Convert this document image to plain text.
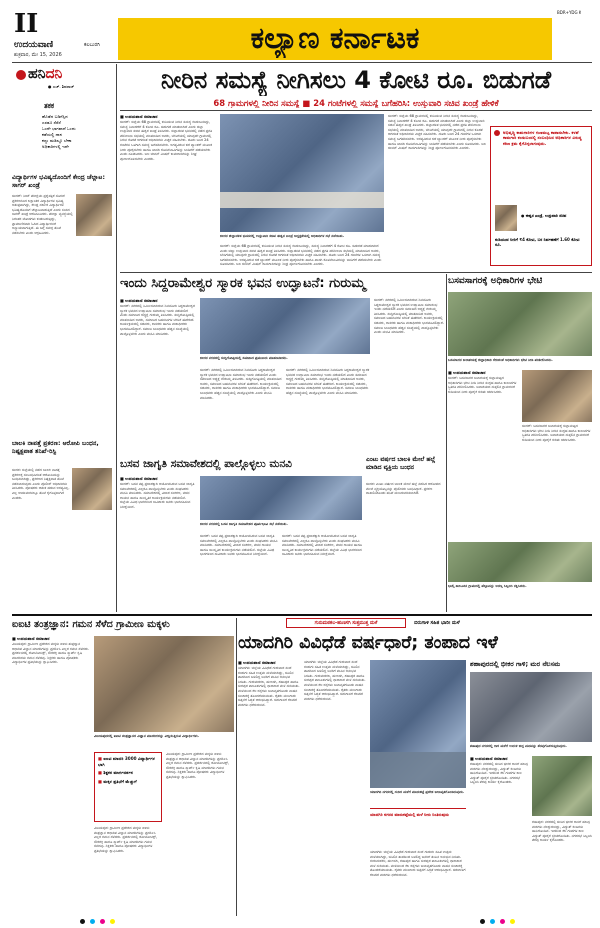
II
ಉದಯವಾಣಿ	ಕಲಬುರಗಿ
ಶುಕ್ರವಾರ, ಮೇ 15, 2026	ಕಲ್ಯಾಣ ಕರ್ನಾಟಕ
BDR+YDG K
ಹನಿದನಿ
● ಎಚ್. ಶಿವರಾಜ್
ತಕಕ
ಹೊಡೆದ ಬಡಿಗೆಸ್ಸಿದ
ಎರಡೂ ಸೆರೆಸೆ
ಒಂದೇ ಭಾಗವಾದೆ ಒಂದು
ಕಡೆಯಲ್ಲಿ ದಾನ
ಕಣ್ಣು ಮಡಿಲ್ಲೂ ಬೇಕಾ
ಅಧಿಕಾರಿಗಳಲ್ಲಿ ಇದೇ
ವಿದ್ಯಾರ್ಥಿಗಳ ಭವಿಷ್ಯದೊಂದಿಗೆ ಕೇಂದ್ರ ಚೆಲ್ಲಾಟ: ಸಾಗರ್ ಖಂಡ್ರೆ
ಬೀದರ್: ನೀಟ್ ಪರೀಕ್ಷೆಯ ಪ್ರಶ್ನೆಪತ್ರಿಕೆ ಸೋರಿಕೆ ಪ್ರಕರಣದಿಂದ ಲಕ್ಷಾಂತರ ವಿದ್ಯಾರ್ಥಿಗಳ ಭವಿಷ್ಯ ಅತಂತ್ರವಾಗಿದ್ದು, ಕೇಂದ್ರ ಸರ್ಕಾರ ವಿದ್ಯಾರ್ಥಿಗಳ ಭವಿಷ್ಯದೊಂದಿಗೆ ಚೆಲ್ಲಾಟವಾಡುತ್ತಿದೆ ಎಂದು ಸಂಸದ ಸಾಗರ್ ಖಂಡ್ರೆ ಆರೋಪಿಸಿದರು. ಪರೀಕ್ಷಾ ವ್ಯವಸ್ಥೆಯಲ್ಲಿ ನಿರಂತರ ಲೋಪಗಳು ಕಂಡುಬರುತ್ತಿದ್ದು, ಪ್ರಾಮಾಣಿಕವಾಗಿ ಓದಿದ ವಿದ್ಯಾರ್ಥಿಗಳಿಗೆ ಅನ್ಯಾಯವಾಗುತ್ತಿದೆ. ಈ ಬಗ್ಗೆ ಸಮಗ್ರ ತನಿಖೆ ನಡೆಸಬೇಕು ಎಂದು ಆಗ್ರಹಿಸಿದರು.
ಬಾಲಕಿ ನಾಪತ್ತೆ ಪ್ರಕರಣ: ಆರೋಪಿ ಬಂಧನ, ನಿಷ್ಪಕ್ಷಪಾತ ತನಿಖೆ-ರಿಸ್ಟಿ
ಬೀದರ: ಜಿಲ್ಲೆಯಲ್ಲಿ ನಡೆದ ಬಾಲಕಿ ನಾಪತ್ತೆ ಪ್ರಕರಣಕ್ಕೆ ಸಂಬಂಧಿಸಿದಂತೆ ಆರೋಪಿಯನ್ನು ಬಂಧಿಸಲಾಗಿದ್ದು, ಪ್ರಕರಣದ ನಿಷ್ಪಕ್ಷಪಾತ ತನಿಖೆ ನಡೆಸಲಾಗುವುದು ಎಂದು ಪೊಲೀಸ್ ಅಧಿಕಾರಿಗಳು ತಿಳಿಸಿದರು. ಪೋಷಕರು ಆತಂಕ ಪಡುವ ಅಗತ್ಯವಿಲ್ಲ. ಎಲ್ಲ ಆಯಾಮಗಳಲ್ಲೂ ತನಿಖೆ ಕೈಗೊಳ್ಳಲಾಗಿದೆ ಎಂದರು.
ನೀರಿನ ಸಮಸ್ಯೆ ನೀಗಿಸಲು 4 ಕೋಟಿ ರೂ. ಬಿಡುಗಡೆ
68 ಗ್ರಾಮಗಳಲ್ಲಿ ನೀರಿನ ಸಮಸ್ಯೆ ■ 24 ಗಂಟೆಗಳಲ್ಲಿ ಸಮಸ್ಯೆ ಬಗೆಹರಿಸಿ: ಉಸ್ತುವಾರಿ ಸಚಿವ ಖಂಡ್ರೆ ಹೇಳಿಕೆ
■ ಉದಯವಾಣಿ ಸಮಾಚಾರ
ಬೀದರ್: ಜಿಲ್ಲೆಯ 68 ಗ್ರಾಮಗಳಲ್ಲಿ ಕುಡಿಯುವ ನೀರಿನ ಸಮಸ್ಯೆ ಕಂಡುಬಂದಿದ್ದು, ಸಮಸ್ಯೆ ನಿವಾರಣೆಗೆ 4 ಕೋಟಿ ರೂ. ಬಿಡುಗಡೆ ಮಾಡಲಾಗಿದೆ ಎಂದು ಜಿಲ್ಲಾ ಉಸ್ತುವಾರಿ ಸಚಿವ ಈಶ್ವರ ಖಂಡ್ರೆ ತಿಳಿಸಿದರು. ಜಿಲ್ಲಾಡಳಿತ ಭವನದಲ್ಲಿ ನಡೆದ ಪ್ರಗತಿ ಪರಿಶೀಲನಾ ಸಭೆಯಲ್ಲಿ ಮಾತನಾಡಿದ ಅವರು, ಬೇಸಿಗೆಯಲ್ಲಿ ಯಾವುದೇ ಗ್ರಾಮದಲ್ಲಿ ನೀರಿನ ಕೊರತೆ ಆಗದಂತೆ ಅಧಿಕಾರಿಗಳು ಎಚ್ಚರ ವಹಿಸಬೇಕು. ದೂರು ಬಂದ 24 ಗಂಟೆಗಳ ಒಳಗಾಗಿ ಸಮಸ್ಯೆ ಬಗೆಹರಿಸಬೇಕು. ಅಗತ್ಯವಿರುವ ಕಡೆ ಟ್ಯಾಂಕರ್ ಮೂಲಕ ನೀರು ಪೂರೈಸಬೇಕು ಹಾಗೂ ಖಾಸಗಿ ಕೊಳವೆಬಾವಿಗಳನ್ನು ಬಾಡಿಗೆಗೆ ಪಡೆಯಬೇಕು ಎಂದು ಸೂಚಿಸಿದರು. ಜಲ ಜೀವನ್ ಮಿಷನ್ ಕಾಮಗಾರಿಗಳನ್ನು ಶೀಘ್ರ ಪೂರ್ಣಗೊಳಿಸಬೇಕು ಎಂದರು.
ಬೀದರ ಜಿಲ್ಲಾಡಳಿತ ಭವನದಲ್ಲಿ ಉಸ್ತುವಾರಿ ಸಚಿವ ಈಶ್ವರ ಖಂಡ್ರೆ ಅಧ್ಯಕ್ಷತೆಯಲ್ಲಿ ಅಧಿಕಾರಿಗಳ ಸಭೆ ನಡೆಯಿತು.
ಬೀದರ್: ಜಿಲ್ಲೆಯ 68 ಗ್ರಾಮಗಳಲ್ಲಿ ಕುಡಿಯುವ ನೀರಿನ ಸಮಸ್ಯೆ ಕಂಡುಬಂದಿದ್ದು, ಸಮಸ್ಯೆ ನಿವಾರಣೆಗೆ 4 ಕೋಟಿ ರೂ. ಬಿಡುಗಡೆ ಮಾಡಲಾಗಿದೆ ಎಂದು ಜಿಲ್ಲಾ ಉಸ್ತುವಾರಿ ಸಚಿವ ಈಶ್ವರ ಖಂಡ್ರೆ ತಿಳಿಸಿದರು. ಜಿಲ್ಲಾಡಳಿತ ಭವನದಲ್ಲಿ ನಡೆದ ಪ್ರಗತಿ ಪರಿಶೀಲನಾ ಸಭೆಯಲ್ಲಿ ಮಾತನಾಡಿದ ಅವರು, ಬೇಸಿಗೆಯಲ್ಲಿ ಯಾವುದೇ ಗ್ರಾಮದಲ್ಲಿ ನೀರಿನ ಕೊರತೆ ಆಗದಂತೆ ಅಧಿಕಾರಿಗಳು ಎಚ್ಚರ ವಹಿಸಬೇಕು. ದೂರು ಬಂದ 24 ಗಂಟೆಗಳ ಒಳಗಾಗಿ ಸಮಸ್ಯೆ ಬಗೆಹರಿಸಬೇಕು. ಅಗತ್ಯವಿರುವ ಕಡೆ ಟ್ಯಾಂಕರ್ ಮೂಲಕ ನೀರು ಪೂರೈಸಬೇಕು ಹಾಗೂ ಖಾಸಗಿ ಕೊಳವೆಬಾವಿಗಳನ್ನು ಬಾಡಿಗೆಗೆ ಪಡೆಯಬೇಕು ಎಂದು ಸೂಚಿಸಿದರು. ಜಲ ಜೀವನ್ ಮಿಷನ್ ಕಾಮಗಾರಿಗಳನ್ನು ಶೀಘ್ರ ಪೂರ್ಣಗೊಳಿಸಬೇಕು ಎಂದರು.
ಬೀದರ್: ಜಿಲ್ಲೆಯ 68 ಗ್ರಾಮಗಳಲ್ಲಿ ಕುಡಿಯುವ ನೀರಿನ ಸಮಸ್ಯೆ ಕಂಡುಬಂದಿದ್ದು, ಸಮಸ್ಯೆ ನಿವಾರಣೆಗೆ 4 ಕೋಟಿ ರೂ. ಬಿಡುಗಡೆ ಮಾಡಲಾಗಿದೆ ಎಂದು ಜಿಲ್ಲಾ ಉಸ್ತುವಾರಿ ಸಚಿವ ಈಶ್ವರ ಖಂಡ್ರೆ ತಿಳಿಸಿದರು. ಜಿಲ್ಲಾಡಳಿತ ಭವನದಲ್ಲಿ ನಡೆದ ಪ್ರಗತಿ ಪರಿಶೀಲನಾ ಸಭೆಯಲ್ಲಿ ಮಾತನಾಡಿದ ಅವರು, ಬೇಸಿಗೆಯಲ್ಲಿ ಯಾವುದೇ ಗ್ರಾಮದಲ್ಲಿ ನೀರಿನ ಕೊರತೆ ಆಗದಂತೆ ಅಧಿಕಾರಿಗಳು ಎಚ್ಚರ ವಹಿಸಬೇಕು. ದೂರು ಬಂದ 24 ಗಂಟೆಗಳ ಒಳಗಾಗಿ ಸಮಸ್ಯೆ ಬಗೆಹರಿಸಬೇಕು. ಅಗತ್ಯವಿರುವ ಕಡೆ ಟ್ಯಾಂಕರ್ ಮೂಲಕ ನೀರು ಪೂರೈಸಬೇಕು ಹಾಗೂ ಖಾಸಗಿ ಕೊಳವೆಬಾವಿಗಳನ್ನು ಬಾಡಿಗೆಗೆ ಪಡೆಯಬೇಕು ಎಂದು ಸೂಚಿಸಿದರು. ಜಲ ಜೀವನ್ ಮಿಷನ್ ಕಾಮಗಾರಿಗಳನ್ನು ಶೀಘ್ರ ಪೂರ್ಣಗೊಳಿಸಬೇಕು ಎಂದರು.
ಅಭಿವೃದ್ಧಿ ಕಾಮಗಾರಿಗಳ ಗುಣಮಟ್ಟ ಕಾಪಾಡಬೇಕು. ಕಳಪೆ ಕಾಮಗಾರಿ ಕಂಡುಬಂದಲ್ಲಿ ಸಂಬಂಧಿಸಿದ ಅಧಿಕಾರಿಗಳ ವಿರುದ್ಧ ಕಠಿಣ ಕ್ರಮ ಕೈಗೊಳ್ಳಲಾಗುವುದು.
● ಈಶ್ವರ ಖಂಡ್ರೆ, ಉಸ್ತುವಾರಿ ಸಚಿವ
ಕುಡಿಯುವ ನೀರಿಗೆ ₹4 ಕೋಟಿ, ಬರ ನಿರ್ವಹಣೆಗೆ 1.60 ಕೋಟಿ ರೂ.
ಇಂದು ಸಿದ್ದರಾಮೇಶ್ವರ ಸ್ಮಾರಕ ಭವನ ಉದ್ಘಾಟನೆ: ಗುರುಮ್ಮ
■ ಉದಯವಾಣಿ ಸಮಾಚಾರ
ಬೀದರ್: ನಗರದಲ್ಲಿ ನಿರ್ಮಿಸಲಾಗಿರುವ ಶಿವಯೋಗಿ ಸಿದ್ದರಾಮೇಶ್ವರ ಸ್ಮಾರಕ ಭವನದ ಉದ್ಘಾಟನಾ ಸಮಾರಂಭ ಇಂದು ನಡೆಯಲಿದೆ ಎಂದು ಸಮಾಜದ ಅಧ್ಯಕ್ಷೆ ಗುರುಮ್ಮ ತಿಳಿಸಿದರು. ಸುದ್ದಿಗೋಷ್ಠಿಯಲ್ಲಿ ಮಾತನಾಡಿದ ಅವರು, ಸಮಾಜದ ಬಹುದಿನಗಳ ಬೇಡಿಕೆ ಈಡೇರಿದೆ. ಕಾರ್ಯಕ್ರಮದಲ್ಲಿ ಸಚಿವರು, ಶಾಸಕರು ಹಾಗೂ ಮಠಾಧೀಶರು ಭಾಗವಹಿಸಲಿದ್ದಾರೆ. ಸಮಾಜ ಬಾಂಧವರು ಹೆಚ್ಚಿನ ಸಂಖ್ಯೆಯಲ್ಲಿ ಪಾಲ್ಗೊಳ್ಳಬೇಕು ಎಂದು ಮನವಿ ಮಾಡಿದರು.
ಬೀದರ ನಗರದಲ್ಲಿ ಸುದ್ದಿಗೋಷ್ಠಿಯಲ್ಲಿ ಸಮಾಜದ ಪ್ರಮುಖರು ಮಾತನಾಡಿದರು.
ಬೀದರ್: ನಗರದಲ್ಲಿ ನಿರ್ಮಿಸಲಾಗಿರುವ ಶಿವಯೋಗಿ ಸಿದ್ದರಾಮೇಶ್ವರ ಸ್ಮಾರಕ ಭವನದ ಉದ್ಘಾಟನಾ ಸಮಾರಂಭ ಇಂದು ನಡೆಯಲಿದೆ ಎಂದು ಸಮಾಜದ ಅಧ್ಯಕ್ಷೆ ಗುರುಮ್ಮ ತಿಳಿಸಿದರು. ಸುದ್ದಿಗೋಷ್ಠಿಯಲ್ಲಿ ಮಾತನಾಡಿದ ಅವರು, ಸಮಾಜದ ಬಹುದಿನಗಳ ಬೇಡಿಕೆ ಈಡೇರಿದೆ. ಕಾರ್ಯಕ್ರಮದಲ್ಲಿ ಸಚಿವರು, ಶಾಸಕರು ಹಾಗೂ ಮಠಾಧೀಶರು ಭಾಗವಹಿಸಲಿದ್ದಾರೆ. ಸಮಾಜ ಬಾಂಧವರು ಹೆಚ್ಚಿನ ಸಂಖ್ಯೆಯಲ್ಲಿ ಪಾಲ್ಗೊಳ್ಳಬೇಕು ಎಂದು ಮನವಿ ಮಾಡಿದರು.
ಬೀದರ್: ನಗರದಲ್ಲಿ ನಿರ್ಮಿಸಲಾಗಿರುವ ಶಿವಯೋಗಿ ಸಿದ್ದರಾಮೇಶ್ವರ ಸ್ಮಾರಕ ಭವನದ ಉದ್ಘಾಟನಾ ಸಮಾರಂಭ ಇಂದು ನಡೆಯಲಿದೆ ಎಂದು ಸಮಾಜದ ಅಧ್ಯಕ್ಷೆ ಗುರುಮ್ಮ ತಿಳಿಸಿದರು. ಸುದ್ದಿಗೋಷ್ಠಿಯಲ್ಲಿ ಮಾತನಾಡಿದ ಅವರು, ಸಮಾಜದ ಬಹುದಿನಗಳ ಬೇಡಿಕೆ ಈಡೇರಿದೆ. ಕಾರ್ಯಕ್ರಮದಲ್ಲಿ ಸಚಿವರು, ಶಾಸಕರು ಹಾಗೂ ಮಠಾಧೀಶರು ಭಾಗವಹಿಸಲಿದ್ದಾರೆ. ಸಮಾಜ ಬಾಂಧವರು ಹೆಚ್ಚಿನ ಸಂಖ್ಯೆಯಲ್ಲಿ ಪಾಲ್ಗೊಳ್ಳಬೇಕು ಎಂದು ಮನವಿ ಮಾಡಿದರು.
ಬೀದರ್: ನಗರದಲ್ಲಿ ನಿರ್ಮಿಸಲಾಗಿರುವ ಶಿವಯೋಗಿ ಸಿದ್ದರಾಮೇಶ್ವರ ಸ್ಮಾರಕ ಭವನದ ಉದ್ಘಾಟನಾ ಸಮಾರಂಭ ಇಂದು ನಡೆಯಲಿದೆ ಎಂದು ಸಮಾಜದ ಅಧ್ಯಕ್ಷೆ ಗುರುಮ್ಮ ತಿಳಿಸಿದರು. ಸುದ್ದಿಗೋಷ್ಠಿಯಲ್ಲಿ ಮಾತನಾಡಿದ ಅವರು, ಸಮಾಜದ ಬಹುದಿನಗಳ ಬೇಡಿಕೆ ಈಡೇರಿದೆ. ಕಾರ್ಯಕ್ರಮದಲ್ಲಿ ಸಚಿವರು, ಶಾಸಕರು ಹಾಗೂ ಮಠಾಧೀಶರು ಭಾಗವಹಿಸಲಿದ್ದಾರೆ. ಸಮಾಜ ಬಾಂಧವರು ಹೆಚ್ಚಿನ ಸಂಖ್ಯೆಯಲ್ಲಿ ಪಾಲ್ಗೊಳ್ಳಬೇಕು ಎಂದು ಮನವಿ ಮಾಡಿದರು.
ಬಸವಸಾಗರಕ್ಕೆ ಅಧಿಕಾರಿಗಳ ಭೇಟಿ
ಬಸವಸಾಗರ ಜಲಾಶಯಕ್ಕೆ ಜಿಲ್ಲಾಧಿಕಾರಿ ಸೇರಿದಂತೆ ಅಧಿಕಾರಿಗಳು ಭೇಟಿ ನೀಡಿ ಪರಿಶೀಲಿಸಿದರು.
■ ಉದಯವಾಣಿ ಸಮಾಚಾರ
ಬೀದರ್: ಬಸವಸಾಗರ ಜಲಾಶಯಕ್ಕೆ ಜಿಲ್ಲಾಮಟ್ಟದ ಅಧಿಕಾರಿಗಳು ಭೇಟಿ ನೀಡಿ ನೀರಿನ ಸಂಗ್ರಹ ಹಾಗೂ ಕಾಲುವೆಗಳ ಸ್ಥಿತಿಗತಿ ಪರಿಶೀಲಿಸಿದರು. ಜಲಾಶಯದ ಸುತ್ತಲಿನ ಗ್ರಾಮಗಳಿಗೆ ಕುಡಿಯುವ ನೀರು ಪೂರೈಕೆ ಕುರಿತು ಚರ್ಚಿಸಿದರು.
ಬೀದರ್: ಬಸವಸಾಗರ ಜಲಾಶಯಕ್ಕೆ ಜಿಲ್ಲಾಮಟ್ಟದ ಅಧಿಕಾರಿಗಳು ಭೇಟಿ ನೀಡಿ ನೀರಿನ ಸಂಗ್ರಹ ಹಾಗೂ ಕಾಲುವೆಗಳ ಸ್ಥಿತಿಗತಿ ಪರಿಶೀಲಿಸಿದರು. ಜಲಾಶಯದ ಸುತ್ತಲಿನ ಗ್ರಾಮಗಳಿಗೆ ಕುಡಿಯುವ ನೀರು ಪೂರೈಕೆ ಕುರಿತು ಚರ್ಚಿಸಿದರು.
ಭಾಲ್ಕಿ ತಾಲೂಕಿನ ಗ್ರಾಮದಲ್ಲಿ ಹೆಬ್ಬಾವನ್ನು ಅರಣ್ಯ ಸಿಬ್ಬಂದಿ ರಕ್ಷಿಸಿದರು.
ಬಸವ ಜಾಗೃತಿ ಸಮಾವೇಶದಲ್ಲಿ ಪಾಲ್ಗೊಳ್ಳಲು ಮನವಿ
■ ಉದಯವಾಣಿ ಸಮಾಚಾರ
ಬೀದರ್: ಬಸವ ತತ್ವ ಪ್ರಚಾರಕ್ಕಾಗಿ ಆಯೋಜಿಸಿರುವ ಬಸವ ಜಾಗೃತಿ ಸಮಾವೇಶದಲ್ಲಿ ಎಲ್ಲರೂ ಪಾಲ್ಗೊಳ್ಳಬೇಕು ಎಂದು ಸಂಘಟಕರು ಮನವಿ ಮಾಡಿದರು. ಸಮಾವೇಶದಲ್ಲಿ ವಿಚಾರ ಸಂಕಿರಣ, ವಚನ ಗಾಯನ ಹಾಗೂ ಸಾಂಸ್ಕೃತಿಕ ಕಾರ್ಯಕ್ರಮಗಳು ನಡೆಯಲಿವೆ. ಜಿಲ್ಲೆಯ ವಿವಿಧ ಭಾಗಗಳಿಂದ ಸಾವಿರಾರು ಜನರು ಭಾಗವಹಿಸುವ ನಿರೀಕ್ಷೆಯಿದೆ.
ಬೀದರ ನಗರದಲ್ಲಿ ಬಸವ ಜಾಗೃತಿ ಸಮಾವೇಶದ ಪೂರ್ವಭಾವಿ ಸಭೆ ನಡೆಯಿತು.
ಬೀದರ್: ಬಸವ ತತ್ವ ಪ್ರಚಾರಕ್ಕಾಗಿ ಆಯೋಜಿಸಿರುವ ಬಸವ ಜಾಗೃತಿ ಸಮಾವೇಶದಲ್ಲಿ ಎಲ್ಲರೂ ಪಾಲ್ಗೊಳ್ಳಬೇಕು ಎಂದು ಸಂಘಟಕರು ಮನವಿ ಮಾಡಿದರು. ಸಮಾವೇಶದಲ್ಲಿ ವಿಚಾರ ಸಂಕಿರಣ, ವಚನ ಗಾಯನ ಹಾಗೂ ಸಾಂಸ್ಕೃತಿಕ ಕಾರ್ಯಕ್ರಮಗಳು ನಡೆಯಲಿವೆ. ಜಿಲ್ಲೆಯ ವಿವಿಧ ಭಾಗಗಳಿಂದ ಸಾವಿರಾರು ಜನರು ಭಾಗವಹಿಸುವ ನಿರೀಕ್ಷೆಯಿದೆ.
ಬೀದರ್: ಬಸವ ತತ್ವ ಪ್ರಚಾರಕ್ಕಾಗಿ ಆಯೋಜಿಸಿರುವ ಬಸವ ಜಾಗೃತಿ ಸಮಾವೇಶದಲ್ಲಿ ಎಲ್ಲರೂ ಪಾಲ್ಗೊಳ್ಳಬೇಕು ಎಂದು ಸಂಘಟಕರು ಮನವಿ ಮಾಡಿದರು. ಸಮಾವೇಶದಲ್ಲಿ ವಿಚಾರ ಸಂಕಿರಣ, ವಚನ ಗಾಯನ ಹಾಗೂ ಸಾಂಸ್ಕೃತಿಕ ಕಾರ್ಯಕ್ರಮಗಳು ನಡೆಯಲಿವೆ. ಜಿಲ್ಲೆಯ ವಿವಿಧ ಭಾಗಗಳಿಂದ ಸಾವಿರಾರು ಜನರು ಭಾಗವಹಿಸುವ ನಿರೀಕ್ಷೆಯಿದೆ.
ಎಂಟು ವರ್ಷದ ಬಾಲಕಿ ಮೇಲೆ ಹಲ್ಲೆ ಮಾಡಿದ ವ್ಯಕ್ತಿಯ ಬಂಧನ
ಬೀದರ: ಎಂಟು ವರ್ಷದ ಬಾಲಕಿ ಮೇಲೆ ಹಲ್ಲೆ ನಡೆಸಿದ ಆರೋಪದ ಮೇಲೆ ವ್ಯಕ್ತಿಯೊಬ್ಬನನ್ನು ಪೊಲೀಸರು ಬಂಧಿಸಿದ್ದಾರೆ. ಪ್ರಕರಣ ದಾಖಲಿಸಿಕೊಂಡು ತನಿಖೆ ಮುಂದುವರಿಸಲಾಗಿದೆ.
ಐಐಟಿ ತಂತ್ರಜ್ಞಾನ: ಗಮನ ಸೆಳೆದ ಗ್ರಾಮೀಣ ಮಕ್ಕಳು
■ ಉದಯವಾಣಿ ಸಮಾಚಾರ
ವಿಜಯಪುರ: ಗ್ರಾಮೀಣ ಪ್ರದೇಶದ ಮಕ್ಕಳು ಐಐಟಿ ತಂತ್ರಜ್ಞಾನ ಆಧಾರಿತ ವಿಜ್ಞಾನ ಮಾದರಿಗಳನ್ನು ಪ್ರದರ್ಶಿಸಿ ಎಲ್ಲರ ಗಮನ ಸೆಳೆದರು. ಪ್ರದರ್ಶನದಲ್ಲಿ ರೋಬೋಟಿಕ್ಸ್, ಸೌರಶಕ್ತಿ ಹಾಗೂ ಸ್ಮಾರ್ಟ್ ಕೃಷಿ ಮಾದರಿಗಳು ಗಮನ ಸೆಳೆದವು. ಶಿಕ್ಷಕರು ಹಾಗೂ ಪೋಷಕರು ವಿದ್ಯಾರ್ಥಿಗಳ ಪ್ರತಿಭೆಯನ್ನು ಶ್ಲಾಘಿಸಿದರು.
ವಿಜಯಪುರದಲ್ಲಿ ಐಐಟಿ ತಂತ್ರಜ್ಞಾನದ ವಿಜ್ಞಾನ ಮಾದರಿಗಳನ್ನು ವೀಕ್ಷಿಸುತ್ತಿರುವ ವಿದ್ಯಾರ್ಥಿಗಳು.
■ ಐಐಟಿ ಮಾದರಿ 3000 ವಿದ್ಯಾರ್ಥಿಗಳ ಭಾಗಿ
■ ಶಿಕ್ಷಕರ ಮಾರ್ಗದರ್ಶನ
■ ಮಕ್ಕಳ ಪ್ರತಿಭೆಗೆ ಮೆಚ್ಚುಗೆ
ವಿಜಯಪುರ: ಗ್ರಾಮೀಣ ಪ್ರದೇಶದ ಮಕ್ಕಳು ಐಐಟಿ ತಂತ್ರಜ್ಞಾನ ಆಧಾರಿತ ವಿಜ್ಞಾನ ಮಾದರಿಗಳನ್ನು ಪ್ರದರ್ಶಿಸಿ ಎಲ್ಲರ ಗಮನ ಸೆಳೆದರು. ಪ್ರದರ್ಶನದಲ್ಲಿ ರೋಬೋಟಿಕ್ಸ್, ಸೌರಶಕ್ತಿ ಹಾಗೂ ಸ್ಮಾರ್ಟ್ ಕೃಷಿ ಮಾದರಿಗಳು ಗಮನ ಸೆಳೆದವು. ಶಿಕ್ಷಕರು ಹಾಗೂ ಪೋಷಕರು ವಿದ್ಯಾರ್ಥಿಗಳ ಪ್ರತಿಭೆಯನ್ನು ಶ್ಲಾಘಿಸಿದರು.
ವಿಜಯಪುರ: ಗ್ರಾಮೀಣ ಪ್ರದೇಶದ ಮಕ್ಕಳು ಐಐಟಿ ತಂತ್ರಜ್ಞಾನ ಆಧಾರಿತ ವಿಜ್ಞಾನ ಮಾದರಿಗಳನ್ನು ಪ್ರದರ್ಶಿಸಿ ಎಲ್ಲರ ಗಮನ ಸೆಳೆದರು. ಪ್ರದರ್ಶನದಲ್ಲಿ ರೋಬೋಟಿಕ್ಸ್, ಸೌರಶಕ್ತಿ ಹಾಗೂ ಸ್ಮಾರ್ಟ್ ಕೃಷಿ ಮಾದರಿಗಳು ಗಮನ ಸೆಳೆದವು. ಶಿಕ್ಷಕರು ಹಾಗೂ ಪೋಷಕರು ವಿದ್ಯಾರ್ಥಿಗಳ ಪ್ರತಿಭೆಯನ್ನು ಶ್ಲಾಘಿಸಿದರು.
ಗುರುಮಠಕಲ-ಹುಣಸಗಿ ಸುತ್ತಮುತ್ತ ಮಳೆ	ಬಿರುಗಾಳಿ ಸಹಿತ ಭಾರೀ ಮಳೆ
ಯಾದಗಿರಿ ವಿವಿಧೆಡೆ ವರ್ಷಧಾರೆ; ತಂಪಾದ ಇಳೆ
■ ಉದಯವಾಣಿ ಸಮಾಚಾರ
ಯಾದಗಿರಿ: ಜಿಲ್ಲೆಯ ವಿವಿಧೆಡೆ ಗುರುವಾರ ಸಂಜೆ ಗುಡುಗು ಸಹಿತ ಉತ್ತಮ ಮಳೆಯಾಗಿದ್ದು, ಬಿಸಿಲಿನ ತಾಪದಿಂದ ಬಳಲಿದ್ದ ಜನರಿಗೆ ತಂಪಿನ ಅನುಭವ ನೀಡಿತು. ಗುರುಮಠಕಲ, ಹುಣಸಗಿ, ಶಹಾಪುರ ಹಾಗೂ ಸುರಪುರ ತಾಲೂಕುಗಳಲ್ಲಿ ಧಾರಾಕಾರ ಮಳೆ ಸುರಿಯಿತು. ಮಳೆಯಿಂದ ಕೆಲ ರಸ್ತೆಗಳು ಜಲಾವೃತಗೊಂಡು ವಾಹನ ಸಂಚಾರಕ್ಕೆ ತೊಂದರೆಯಾಯಿತು. ರೈತರು ಮುಂಗಾರು ಬಿತ್ತನೆಗೆ ಸಿದ್ಧತೆ ಆರಂಭಿಸಿದ್ದಾರೆ. ಬಿರುಗಾಳಿಗೆ ಕೆಲವೆಡೆ ಮರಗಳು ಧರೆಗುರುಳಿವೆ.
ಯಾದಗಿರಿ: ಜಿಲ್ಲೆಯ ವಿವಿಧೆಡೆ ಗುರುವಾರ ಸಂಜೆ ಗುಡುಗು ಸಹಿತ ಉತ್ತಮ ಮಳೆಯಾಗಿದ್ದು, ಬಿಸಿಲಿನ ತಾಪದಿಂದ ಬಳಲಿದ್ದ ಜನರಿಗೆ ತಂಪಿನ ಅನುಭವ ನೀಡಿತು. ಗುರುಮಠಕಲ, ಹುಣಸಗಿ, ಶಹಾಪುರ ಹಾಗೂ ಸುರಪುರ ತಾಲೂಕುಗಳಲ್ಲಿ ಧಾರಾಕಾರ ಮಳೆ ಸುರಿಯಿತು. ಮಳೆಯಿಂದ ಕೆಲ ರಸ್ತೆಗಳು ಜಲಾವೃತಗೊಂಡು ವಾಹನ ಸಂಚಾರಕ್ಕೆ ತೊಂದರೆಯಾಯಿತು. ರೈತರು ಮುಂಗಾರು ಬಿತ್ತನೆಗೆ ಸಿದ್ಧತೆ ಆರಂಭಿಸಿದ್ದಾರೆ. ಬಿರುಗಾಳಿಗೆ ಕೆಲವೆಡೆ ಮರಗಳು ಧರೆಗುರುಳಿವೆ.
ಯಾದಗಿರಿ ನಗರದಲ್ಲಿ ಸುರಿದ ಮಳೆಗೆ ಮಾರುಕಟ್ಟೆ ಪ್ರದೇಶ ಜಲಾವೃತಗೊಂಡಿರುವುದು.
ಯಾದಗಿರಿ ನಗರದ ಮಾರುಕಟ್ಟೆಯಲ್ಲಿ ಮಳೆ ನೀರು ನಿಂತಿರುವುದು
ಯಾದಗಿರಿ: ಜಿಲ್ಲೆಯ ವಿವಿಧೆಡೆ ಗುರುವಾರ ಸಂಜೆ ಗುಡುಗು ಸಹಿತ ಉತ್ತಮ ಮಳೆಯಾಗಿದ್ದು, ಬಿಸಿಲಿನ ತಾಪದಿಂದ ಬಳಲಿದ್ದ ಜನರಿಗೆ ತಂಪಿನ ಅನುಭವ ನೀಡಿತು. ಗುರುಮಠಕಲ, ಹುಣಸಗಿ, ಶಹಾಪುರ ಹಾಗೂ ಸುರಪುರ ತಾಲೂಕುಗಳಲ್ಲಿ ಧಾರಾಕಾರ ಮಳೆ ಸುರಿಯಿತು. ಮಳೆಯಿಂದ ಕೆಲ ರಸ್ತೆಗಳು ಜಲಾವೃತಗೊಂಡು ವಾಹನ ಸಂಚಾರಕ್ಕೆ ತೊಂದರೆಯಾಯಿತು. ರೈತರು ಮುಂಗಾರು ಬಿತ್ತನೆಗೆ ಸಿದ್ಧತೆ ಆರಂಭಿಸಿದ್ದಾರೆ. ಬಿರುಗಾಳಿಗೆ ಕೆಲವೆಡೆ ಮರಗಳು ಧರೆಗುರುಳಿವೆ.
ಶಹಾಪುರದಲ್ಲಿ ಭೀಕರ ಗಾಳಿ; ಮರ ನೆಲಸಮ
ಶಹಾಪುರ ನಗರದಲ್ಲಿ ಗಾಳಿ ಮಳೆಗೆ ಉರುಳಿ ಬಿದ್ದ ಮರವನ್ನು ತೆರವುಗೊಳಿಸುತ್ತಿರುವುದು.
■ ಉದಯವಾಣಿ ಸಮಾಚಾರ
ಶಹಾಪುರ: ನಗರದಲ್ಲಿ ಬೀಸಿದ ಭೀಕರ ಗಾಳಿಗೆ ಹಲವು ಮರಗಳು ನೆಲಕ್ಕುರುಳಿದ್ದು, ವಿದ್ಯುತ್ ಕಂಬಗಳು ಹಾನಿಗೊಂಡಿವೆ. ಇದರಿಂದ ಕೆಲ ಗಂಟೆಗಳ ಕಾಲ ವಿದ್ಯುತ್ ಪೂರೈಕೆ ಸ್ಥಗಿತಗೊಂಡಿತು. ನಗರಸಭೆ ಸಿಬ್ಬಂದಿ ತೆರವು ಕಾರ್ಯ ಕೈಗೊಂಡರು.
ಶಹಾಪುರ: ನಗರದಲ್ಲಿ ಬೀಸಿದ ಭೀಕರ ಗಾಳಿಗೆ ಹಲವು ಮರಗಳು ನೆಲಕ್ಕುರುಳಿದ್ದು, ವಿದ್ಯುತ್ ಕಂಬಗಳು ಹಾನಿಗೊಂಡಿವೆ. ಇದರಿಂದ ಕೆಲ ಗಂಟೆಗಳ ಕಾಲ ವಿದ್ಯುತ್ ಪೂರೈಕೆ ಸ್ಥಗಿತಗೊಂಡಿತು. ನಗರಸಭೆ ಸಿಬ್ಬಂದಿ ತೆರವು ಕಾರ್ಯ ಕೈಗೊಂಡರು.
